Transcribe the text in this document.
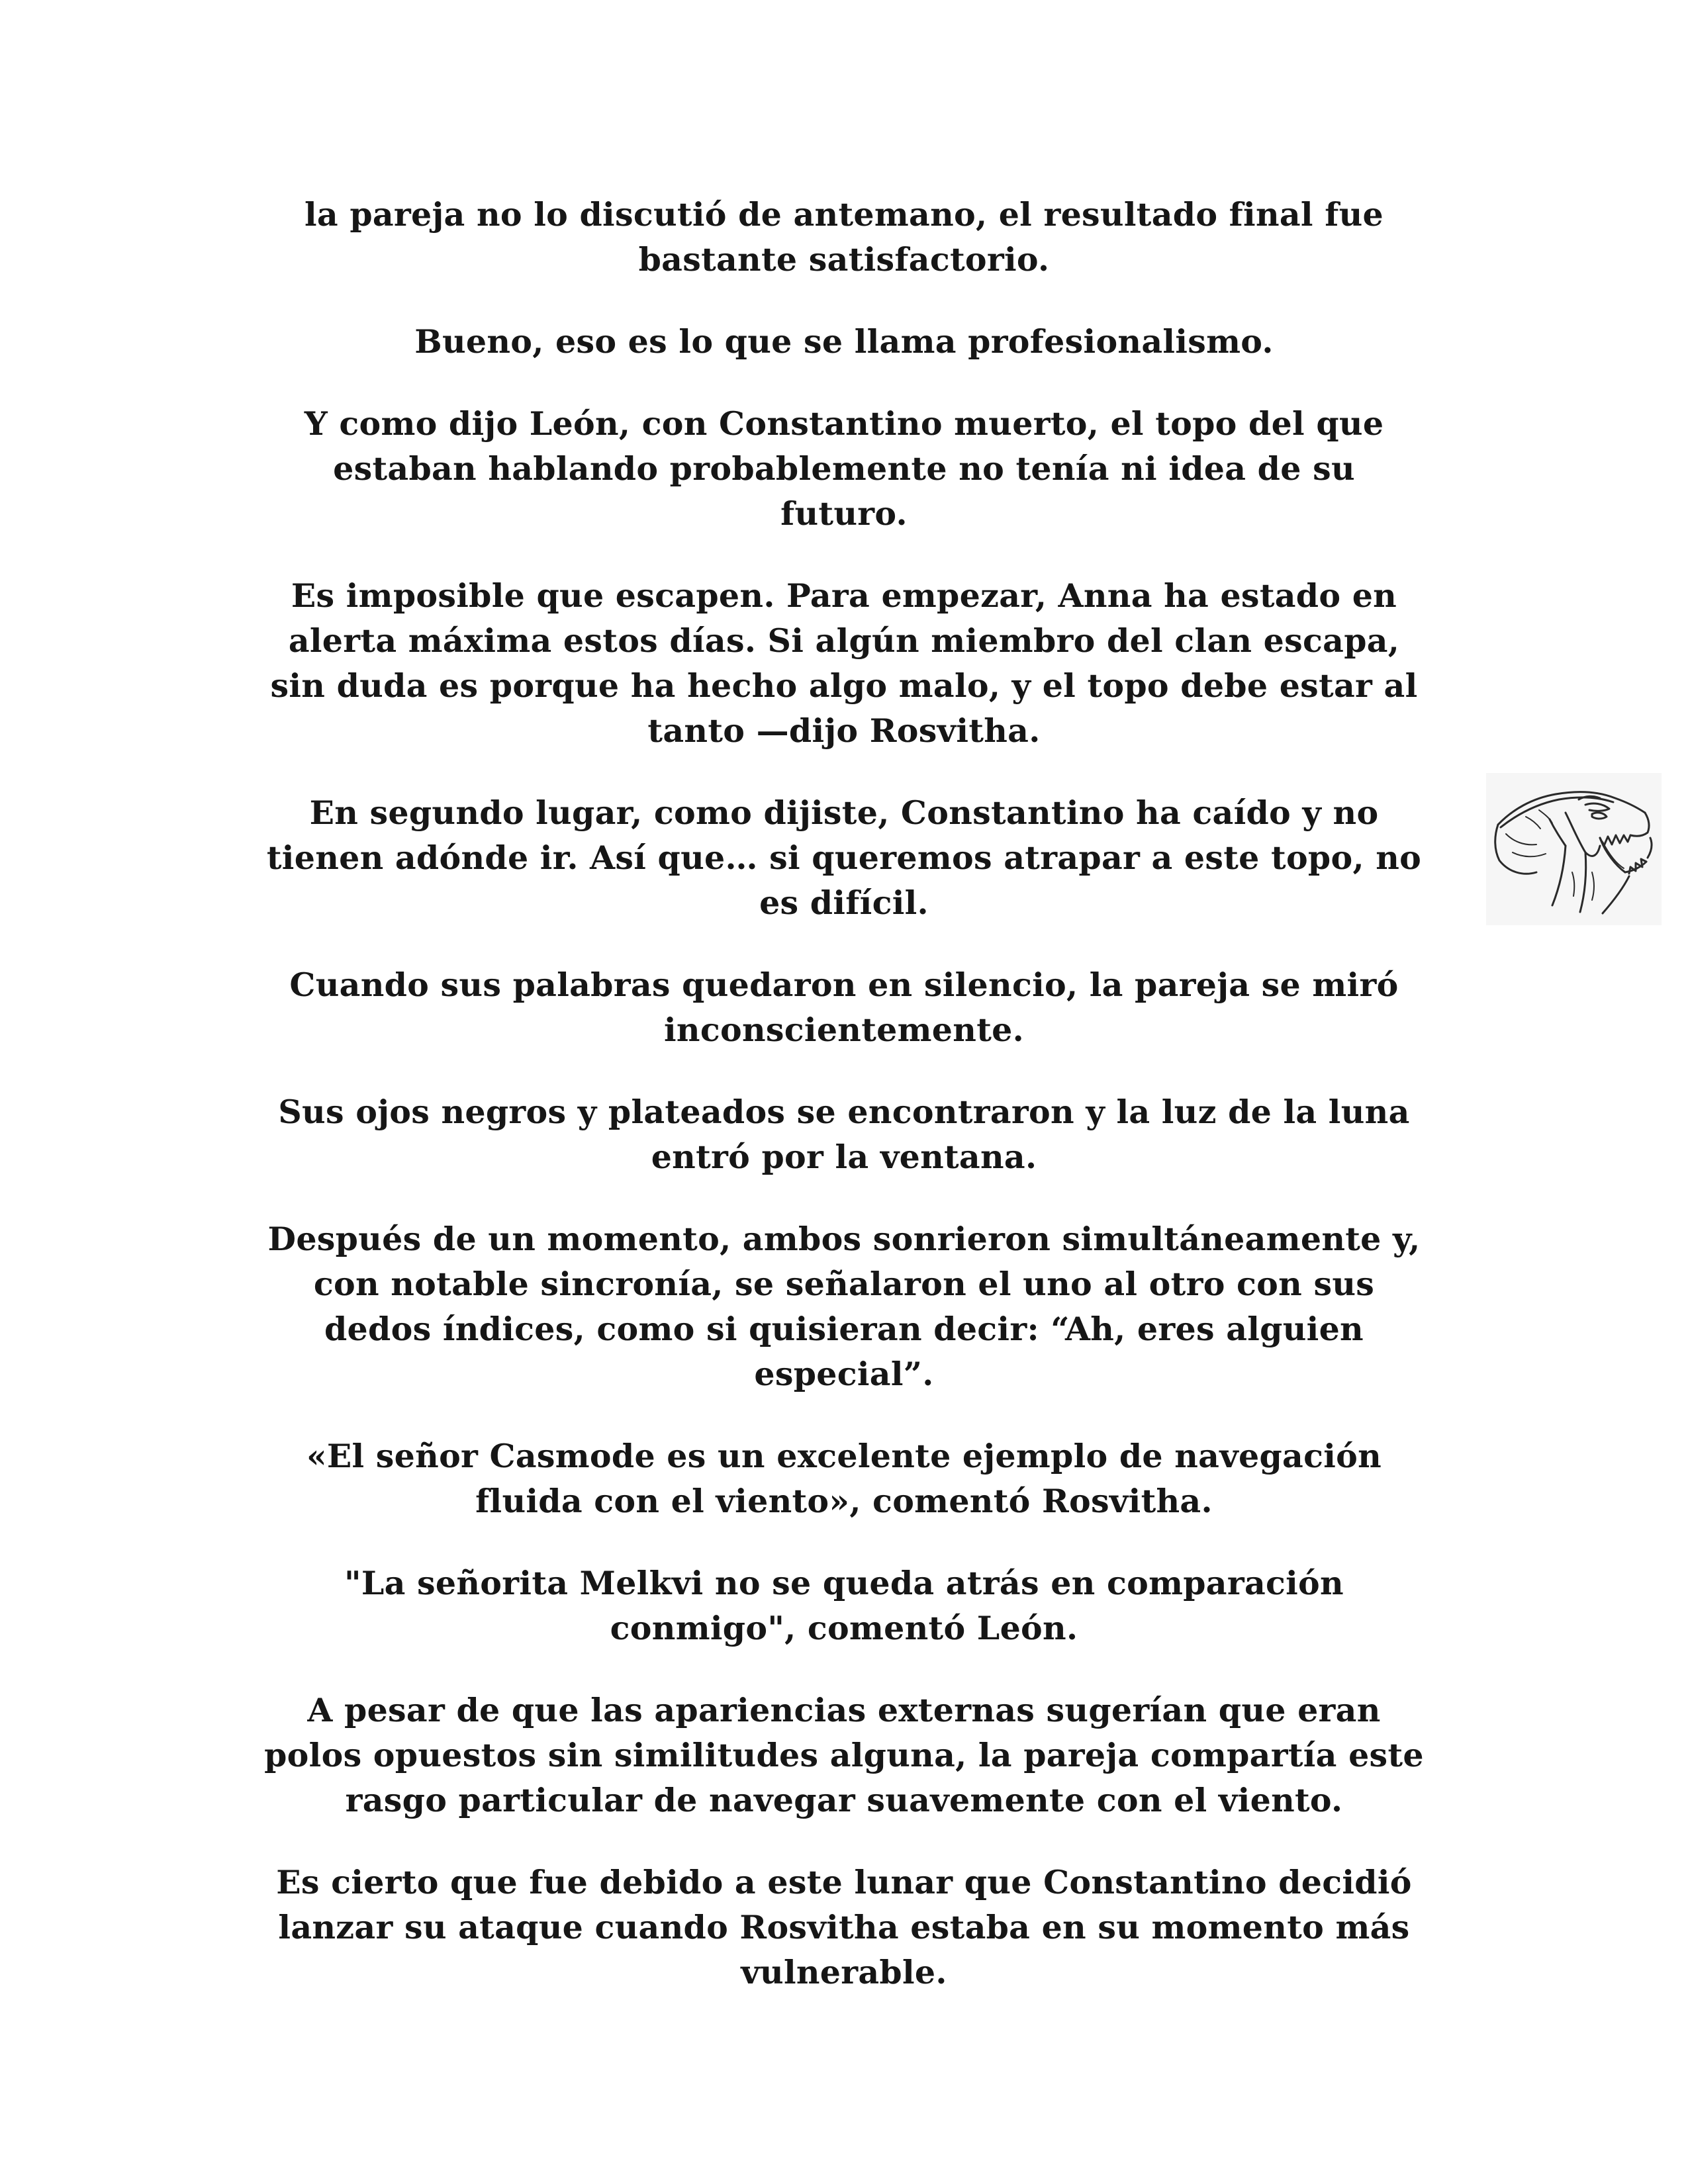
la pareja no lo discutió de antemano, el resultado final fue
bastante satisfactorio.

Bueno, eso es lo que se llama profesionalismo.

Y como dijo León, con Constantino muerto, el topo del que
estaban hablando probablemente no tenía ni idea de su
futuro.

Es imposible que escapen. Para empezar, Anna ha estado en
alerta máxima estos días. Si algún miembro del clan escapa,
sin duda es porque ha hecho algo malo, y el topo debe estar al
tanto —dijo Rosvitha.

En segundo lugar, como dijiste, Constantino ha caído y no
tienen adónde ir. Así que… si queremos atrapar a este topo, no
es difícil.

Cuando sus palabras quedaron en silencio, la pareja se miró
inconscientemente.

Sus ojos negros y plateados se encontraron y la luz de la luna
entró por la ventana.

Después de un momento, ambos sonrieron simultáneamente y,
con notable sincronía, se señalaron el uno al otro con sus
dedos índices, como si quisieran decir: “Ah, eres alguien
especial”.

«El señor Casmode es un excelente ejemplo de navegación
fluida con el viento», comentó Rosvitha.

"La señorita Melkvi no se queda atrás en comparación
conmigo", comentó León.

A pesar de que las apariencias externas sugerían que eran
polos opuestos sin similitudes alguna, la pareja compartía este
rasgo particular de navegar suavemente con el viento.

Es cierto que fue debido a este lunar que Constantino decidió
lanzar su ataque cuando Rosvitha estaba en su momento más
vulnerable.
